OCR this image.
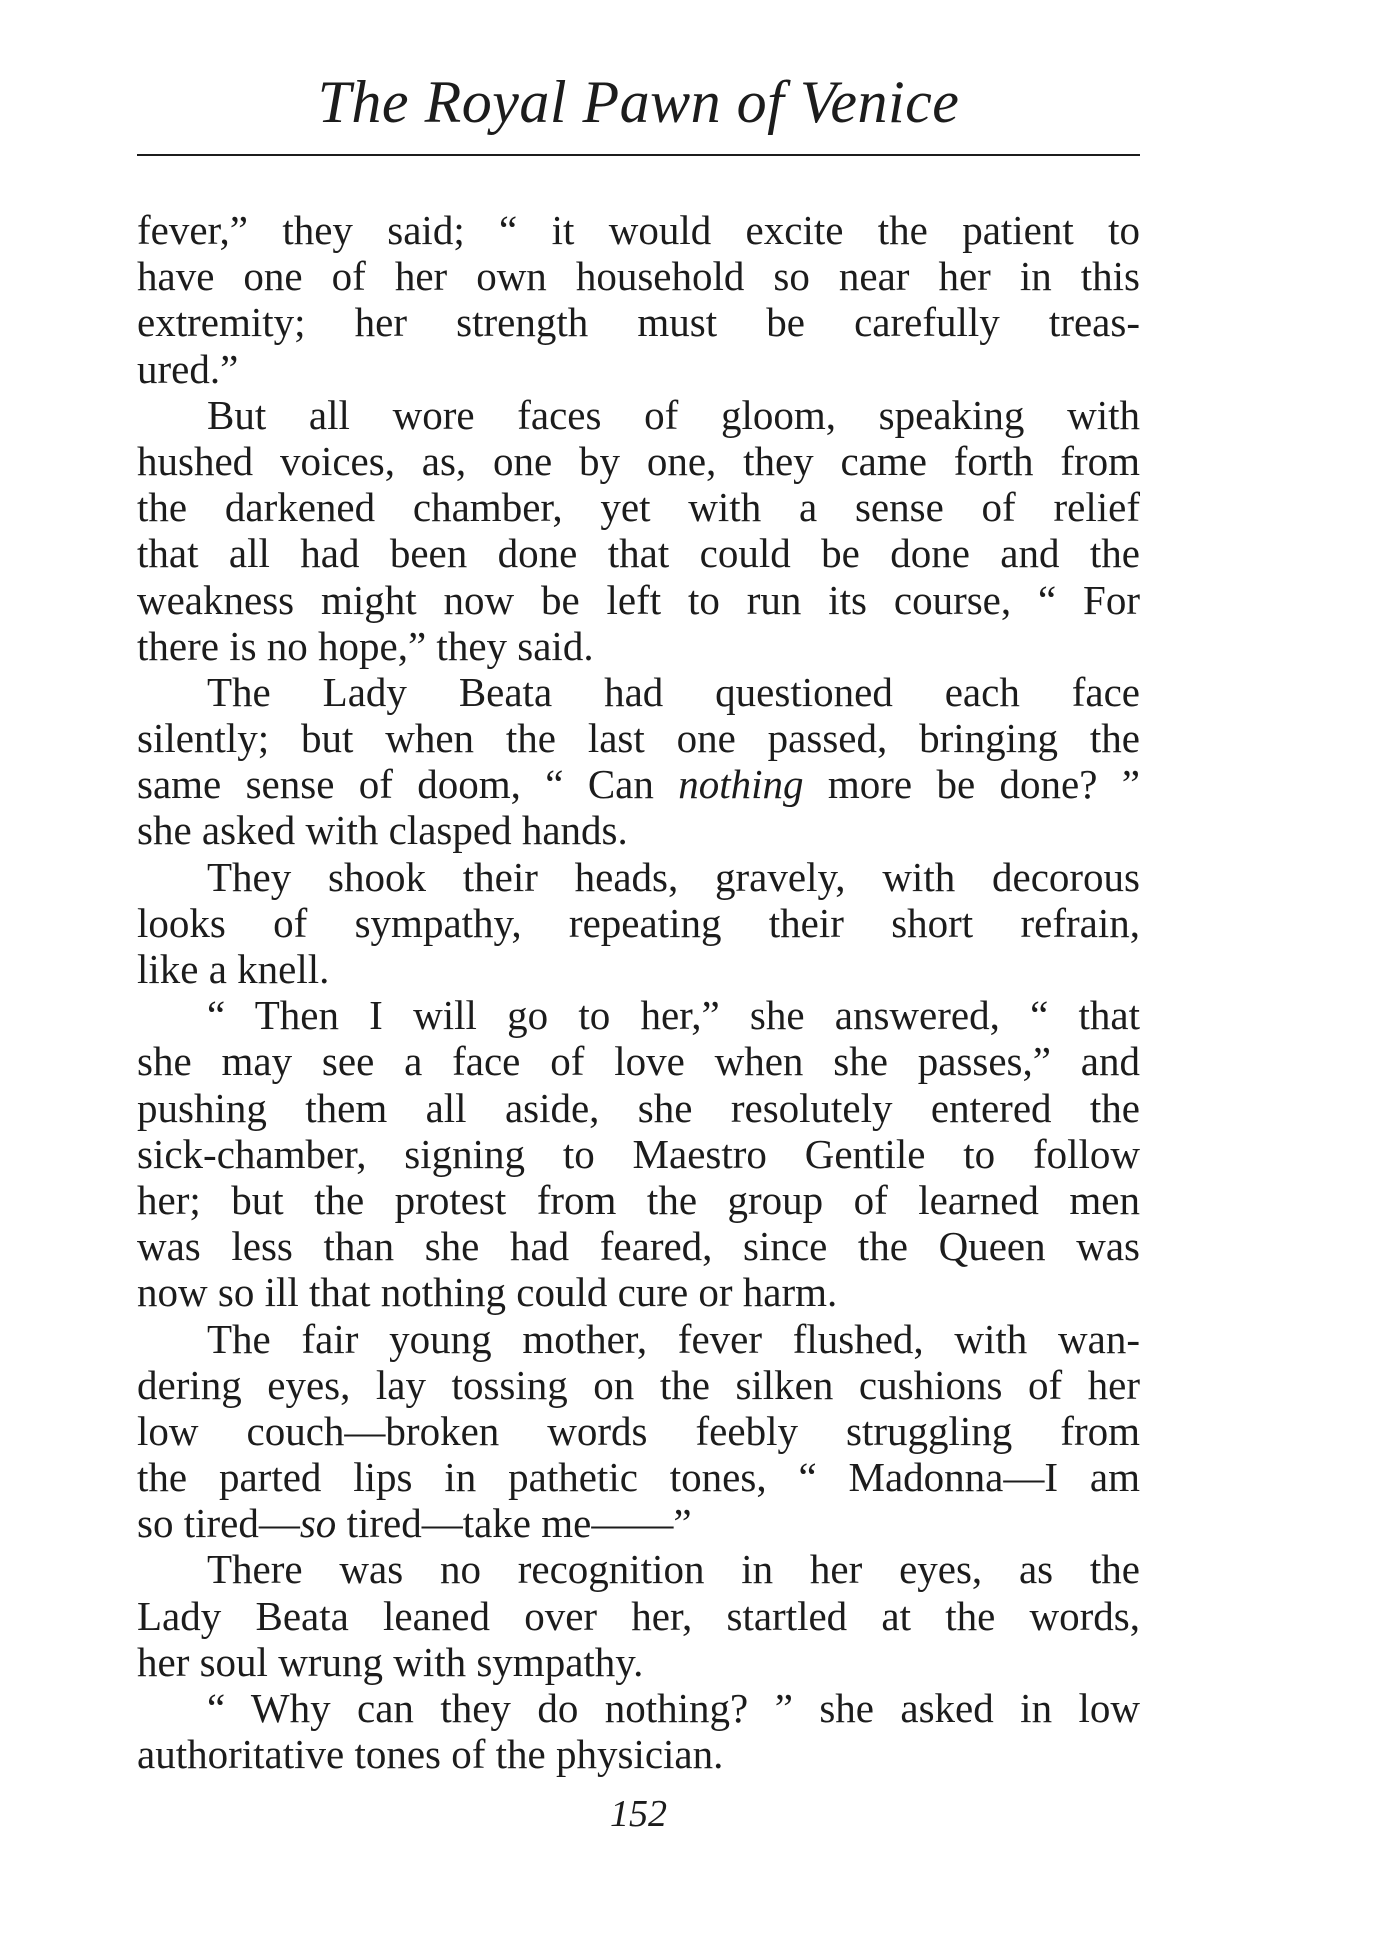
The Royal Pawn of Venice
fever,” they said; “ it would excite the patient to
have one of her own household so near her in this
extremity; her strength must be carefully treas-
ured.”
But all wore faces of gloom, speaking with
hushed voices, as, one by one, they came forth from
the darkened chamber, yet with a sense of relief
that all had been done that could be done and the
weakness might now be left to run its course, “ For
there is no hope,” they said.
The Lady Beata had questioned each face
silently; but when the last one passed, bringing the
same sense of doom, “ Can nothing more be done? ”
she asked with clasped hands.
They shook their heads, gravely, with decorous
looks of sympathy, repeating their short refrain,
like a knell.
“ Then I will go to her,” she answered, “ that
she may see a face of love when she passes,” and
pushing them all aside, she resolutely entered the
sick-chamber, signing to Maestro Gentile to follow
her; but the protest from the group of learned men
was less than she had feared, since the Queen was
now so ill that nothing could cure or harm.
The fair young mother, fever flushed, with wan-
dering eyes, lay tossing on the silken cushions of her
low couch—broken words feebly struggling from
the parted lips in pathetic tones, “ Madonna—I am
so tired—so tired—take me——”
There was no recognition in her eyes, as the
Lady Beata leaned over her, startled at the words,
her soul wrung with sympathy.
“ Why can they do nothing? ” she asked in low
authoritative tones of the physician.
152
